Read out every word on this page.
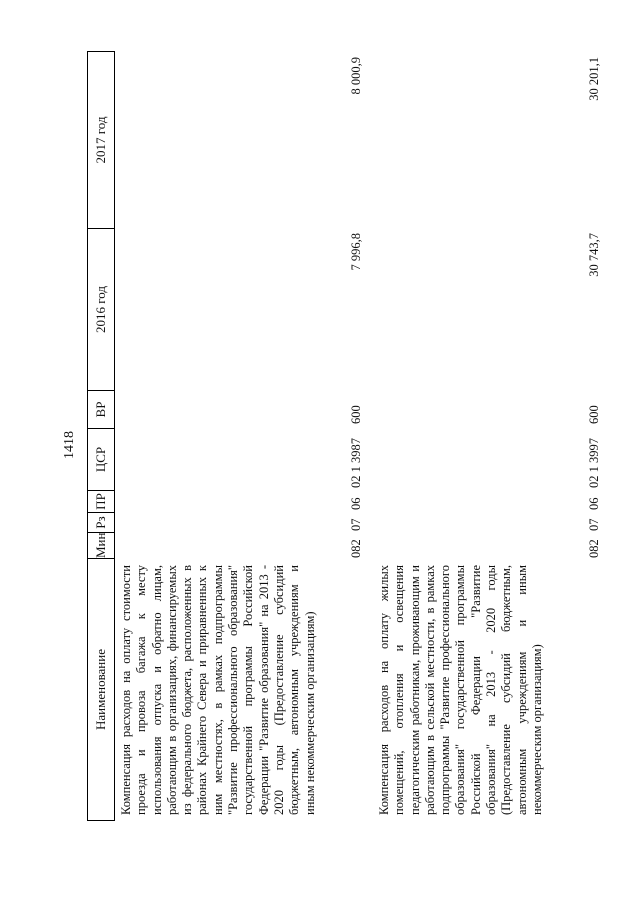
1418
Наименование
Мин
Рз
ПР
ЦСР
ВР
2016 год
2017 год

Компенсация расходов на оплату стоимости проезда и провоза багажа к месту использования отпуска и обратно лицам, работающим в организациях, финансируемых из федерального бюджета, расположенных в районах Крайнего Севера и приравненных к ним местностях, в рамках подпрограммы "Развитие профессионального образования" государственной программы Российской Федерации "Развитие образования" на 2013 - 2020 годы (Предоставление субсидий бюджетным, автономным учреждениям и иным некоммерческим организациям)

082
07
06
02 1 3987
600
7 996,8
8 000,9

Компенсация расходов на оплату жилых помещений, отопления и освещения педагогическим работникам, проживающим и работающим в сельской местности, в рамках подпрограммы "Развитие профессионального образования" государственной программы Российской Федерации "Развитие образования" на 2013 - 2020 годы (Предоставление субсидий бюджетным, автономным учреждениям и иным некоммерческим организациям)

082
07
06
02 1 3997
600
30 743,7
30 201,1
